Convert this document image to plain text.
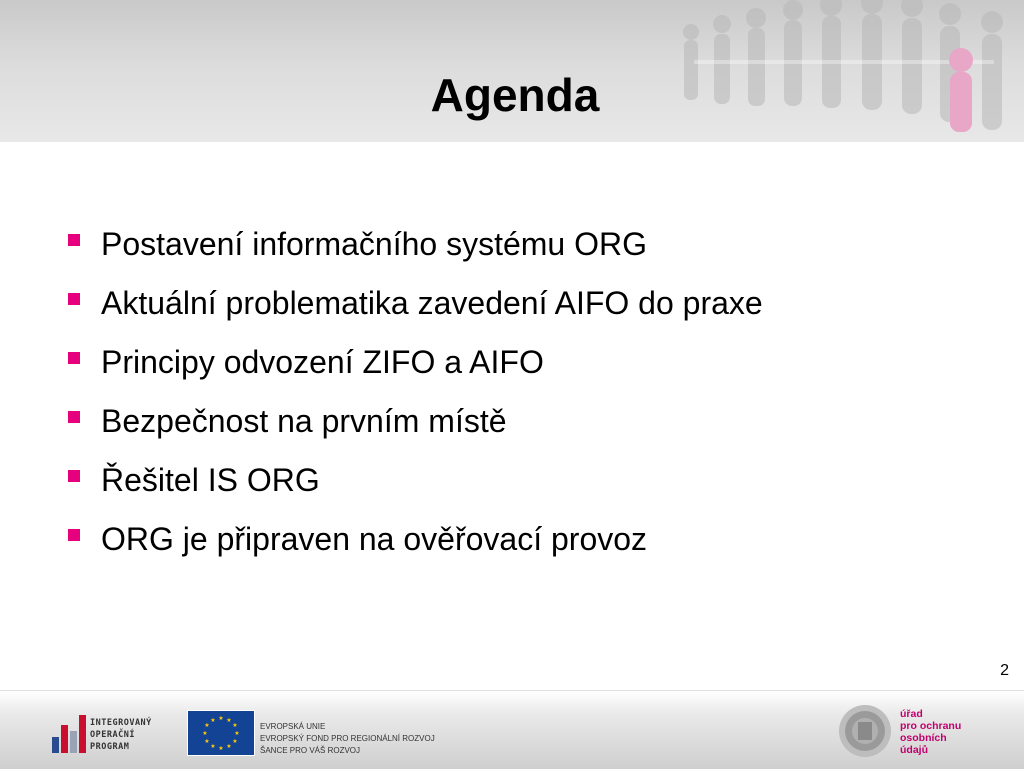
Agenda
Postavení informačního systému ORG
Aktuální problematika zavedení AIFO do praxe
Principy odvození ZIFO a AIFO
Bezpečnost na prvním místě
Řešitel IS ORG
ORG je připraven na ověřovací provoz
2
INTEGROVANÝ
OPERAČNÍ
PROGRAM
★ ★
★
★
★
★
★
★
★
★
★
★
EVROPSKÁ UNIE
EVROPSKÝ FOND PRO REGIONÁLNÍ ROZVOJ
ŠANCE PRO VÁŠ ROZVOJ
úřad
pro ochranu
osobních
údajů
